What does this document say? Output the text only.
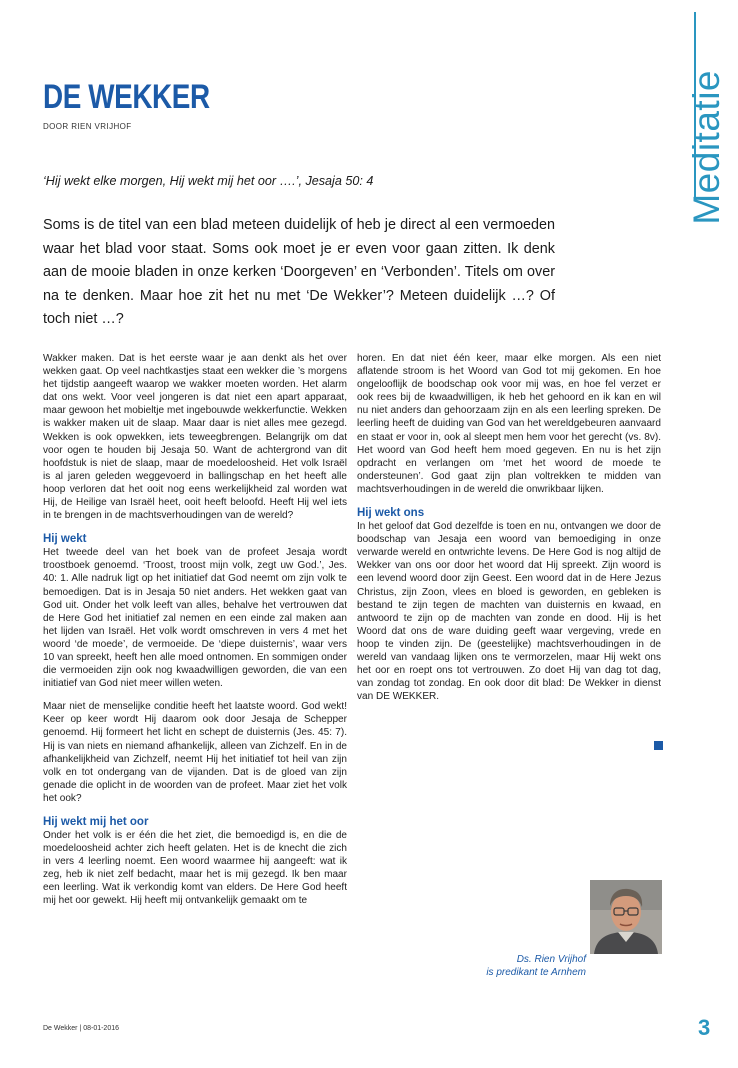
Meditatie
DE WEKKER
DOOR RIEN VRIJHOF

‘Hij wekt elke morgen, Hij wekt mij het oor ….’, Jesaja 50: 4

Soms is de titel van een blad meteen duidelijk of heb je direct al een vermoeden waar het blad voor staat. Soms ook moet je er even voor gaan zitten. Ik denk aan de mooie bladen in onze kerken ‘Doorgeven’ en ‘Verbonden’. Titels om over na te denken. Maar hoe zit het nu met ‘De Wekker’? Meteen duidelijk …? Of toch niet …?

Wakker maken. Dat is het eerste waar je aan denkt als het over wekken gaat. Op veel nachtkastjes staat een wekker die ’s morgens het tijdstip aangeeft waarop we wakker moeten worden. Het alarm dat ons wekt. Voor veel jongeren is dat niet een apart apparaat, maar gewoon het mobieltje met ingebouwde wekkerfunctie. Wekken is wakker maken uit de slaap. Maar daar is niet alles mee gezegd. Wekken is ook opwekken, iets teweegbrengen. Belangrijk om dat voor ogen te houden bij Jesaja 50. Want de achtergrond van dit hoofdstuk is niet de slaap, maar de moedeloosheid. Het volk Israël is al jaren geleden weggevoerd in ballingschap en het heeft alle hoop verloren dat het ooit nog eens werkelijkheid zal worden wat Hij, de Heilige van Israël heet, ooit heeft beloofd. Heeft Hij wel iets in te brengen in de machtsverhoudingen van de wereld?

Hij wekt

Het tweede deel van het boek van de profeet Jesaja wordt troostboek genoemd. ‘Troost, troost mijn volk, zegt uw God.’, Jes. 40: 1. Alle nadruk ligt op het initiatief dat God neemt om zijn volk te bemoedigen. Dat is in Jesaja 50 niet anders. Het wekken gaat van God uit. Onder het volk leeft van alles, behalve het vertrouwen dat de Here God het initiatief zal nemen en een einde zal maken aan het lijden van Israël. Het volk wordt omschreven in vers 4 met het woord ‘de moede’, de vermoeide. De ‘diepe duisternis’, waar vers 10 van spreekt, heeft hen alle moed ontnomen. En sommigen onder die vermoeiden zijn ook nog kwaadwilligen geworden, die van een initiatief van God niet meer willen weten.

Maar niet de menselijke conditie heeft het laatste woord. God wekt! Keer op keer wordt Hij daarom ook door Jesaja de Schepper genoemd. Hij formeert het licht en schept de duisternis (Jes. 45: 7). Hij is van niets en niemand afhankelijk, alleen van Zichzelf. En in de afhankelijkheid van Zichzelf, neemt Hij het initiatief tot heil van zijn volk en tot ondergang van de vijanden. Dat is de gloed van zijn genade die oplicht in de woorden van de profeet. Maar ziet het volk het ook?

Hij wekt mij het oor

Onder het volk is er één die het ziet, die bemoedigd is, en die de moedeloosheid achter zich heeft gelaten. Het is de knecht die zich in vers 4 leerling noemt. Een woord waarmee hij aangeeft: wat ik zeg, heb ik niet zelf bedacht, maar het is mij gezegd. Ik ben maar een leerling. Wat ik verkondig komt van elders. De Here God heeft mij het oor gewekt. Hij heeft mij ontvankelijk gemaakt om te

horen. En dat niet één keer, maar elke morgen. Als een niet aflatende stroom is het Woord van God tot mij gekomen. En hoe ongelooflijk de boodschap ook voor mij was, en hoe fel verzet er ook rees bij de kwaadwilligen, ik heb het gehoord en ik kan en wil nu niet anders dan gehoorzaam zijn en als een leerling spreken. De leerling heeft de duiding van God van het wereldgebeuren aanvaard en staat er voor in, ook al sleept men hem voor het gerecht (vs. 8v). Het woord van God heeft hem moed gegeven. En nu is het zijn opdracht en verlangen om ‘met het woord de moede te ondersteunen’. God gaat zijn plan voltrekken te midden van machtsverhoudingen in de wereld die onwrikbaar lijken.

Hij wekt ons

In het geloof dat God dezelfde is toen en nu, ontvangen we door de boodschap van Jesaja een woord van bemoediging in onze verwarde wereld en ontwrichte levens. De Here God is nog altijd de Wekker van ons oor door het woord dat Hij spreekt. Zijn woord is een levend woord door zijn Geest. Een woord dat in de Here Jezus Christus, zijn Zoon, vlees en bloed is geworden, en gebleken is bestand te zijn tegen de machten van duisternis en kwaad, en antwoord te zijn op de machten van zonde en dood. Hij is het Woord dat ons de ware duiding geeft waar vergeving, vrede en hoop te vinden zijn. De (geestelijke) machtsverhoudingen in de wereld van vandaag lijken ons te vermorzelen, maar Hij wekt ons het oor en roept ons tot vertrouwen. Zo doet Hij van dag tot dag, van zondag tot zondag. En ook door dit blad: De Wekker in dienst van DE WEKKER.

Ds. Rien Vrijhof
is predikant te Arnhem
De Wekker | 08-01-2016	3
